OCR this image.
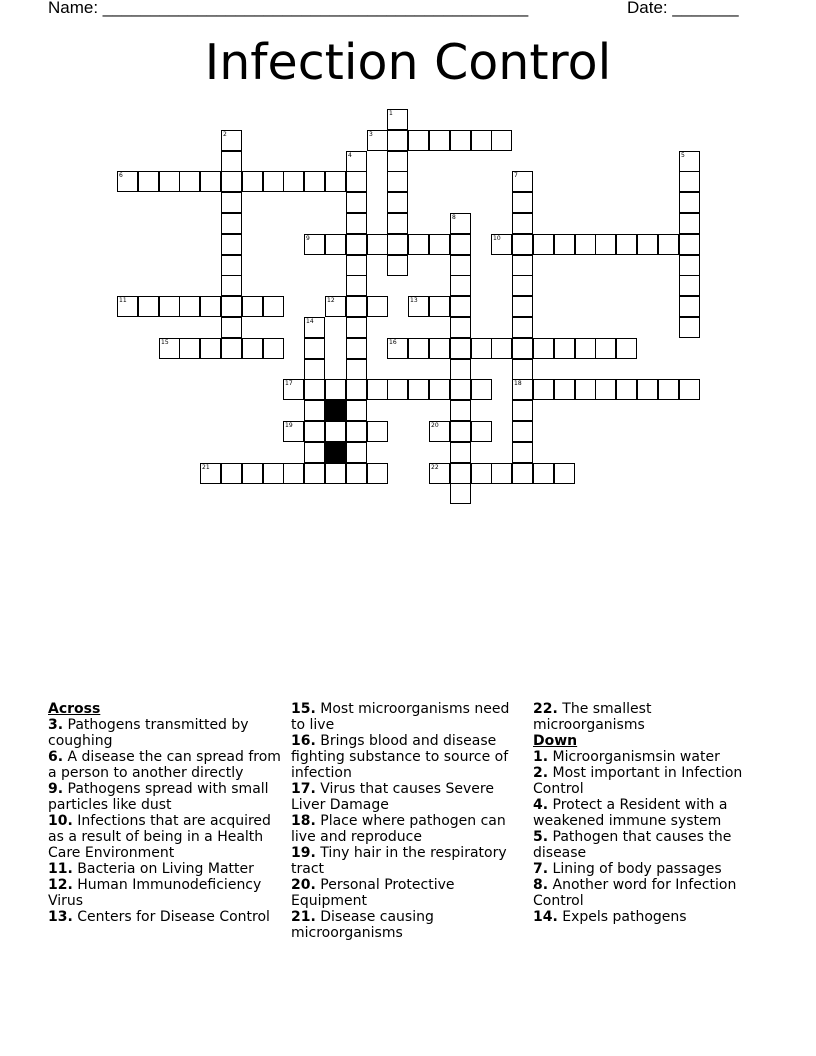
Name: _____________________________________________	Date: _______
Infection Control
1
2	3
4	5
6	7
18
8
9	10
11	12	13
14
15	16
17
19	20
21	22
Across
3. Pathogens transmitted by coughing
6. A disease the can spread from a person to another directly
9. Pathogens spread with small particles like dust
10. Infections that are acquired as a result of being in a Health Care Environment
11. Bacteria on Living Matter
12. Human Immunodeficiency Virus
13. Centers for Disease Control
15. Most microorganisms need to live
16. Brings blood and disease fighting substance to source of infection
17. Virus that causes Severe Liver Damage
18. Place where pathogen can live and reproduce
19. Tiny hair in the respiratory tract
20. Personal Protective Equipment
21. Disease causing microorganisms
22. The smallest microorganisms
Down
1. Microorganismsin water
2. Most important in Infection Control
4. Protect a Resident with a weakened immune system
5. Pathogen that causes the disease
7. Lining of body passages
8. Another word for Infection Control
14. Expels pathogens
